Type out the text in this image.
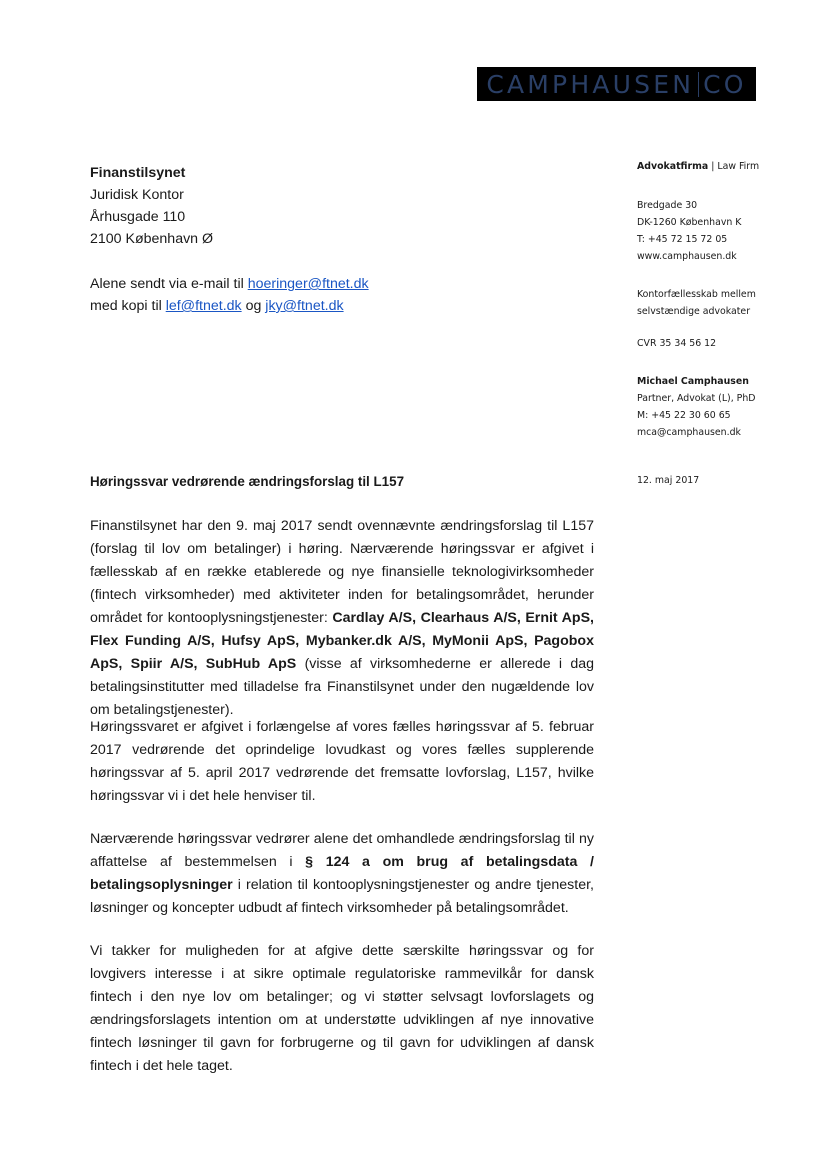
CAMPHAUSEN CO
Finanstilsynet
Juridisk Kontor
Århusgade 110
2100 København Ø
Alene sendt via e-mail til hoeringer@ftnet.dk
med kopi til lef@ftnet.dk og jky@ftnet.dk
Advokatfirma | Law Firm
Bredgade 30
DK-1260 København K
T: +45 72 15 72 05
www.camphausen.dk
Kontorfællesskab mellem
selvstændige advokater
CVR 35 34 56 12
Michael Camphausen
Partner, Advokat (L), PhD
M: +45 22 30 60 65
mca@camphausen.dk
12. maj 2017
Høringssvar vedrørende ændringsforslag til L157

Finanstilsynet har den 9. maj 2017 sendt ovennævnte ændringsforslag til L157 (forslag til lov om betalinger) i høring. Nærværende høringssvar er afgivet i fællesskab af en række etablerede og nye finansielle teknologivirksomheder (fintech virksomheder) med aktiviteter inden for betalingsområdet, herunder området for kontooplysningstjenester: Cardlay A/S, Clearhaus A/S, Ernit ApS, Flex Funding A/S, Hufsy ApS, Mybanker.dk A/S, MyMonii ApS, Pagobox ApS, Spiir A/S, SubHub ApS (visse af virksomhederne er allerede i dag betalingsinstitutter med tilladelse fra Finanstilsynet under den nugældende lov om betalingstjenester).

Høringssvaret er afgivet i forlængelse af vores fælles høringssvar af 5. februar 2017 vedrørende det oprindelige lovudkast og vores fælles supplerende høringssvar af 5. april 2017 vedrørende det fremsatte lovforslag, L157, hvilke høringssvar vi i det hele henviser til.

Nærværende høringssvar vedrører alene det omhandlede ændringsforslag til ny affattelse af bestemmelsen i § 124 a om brug af betalingsdata / betalingsoplysninger i relation til kontooplysningstjenester og andre tjenester, løsninger og koncepter udbudt af fintech virksomheder på betalingsområdet.

Vi takker for muligheden for at afgive dette særskilte høringssvar og for lovgivers interesse i at sikre optimale regulatoriske rammevilkår for dansk fintech i den nye lov om betalinger; og vi støtter selvsagt lovforslagets og ændringsforslagets intention om at understøtte udviklingen af nye innovative fintech løsninger til gavn for forbrugerne og til gavn for udviklingen af dansk fintech i det hele taget.
